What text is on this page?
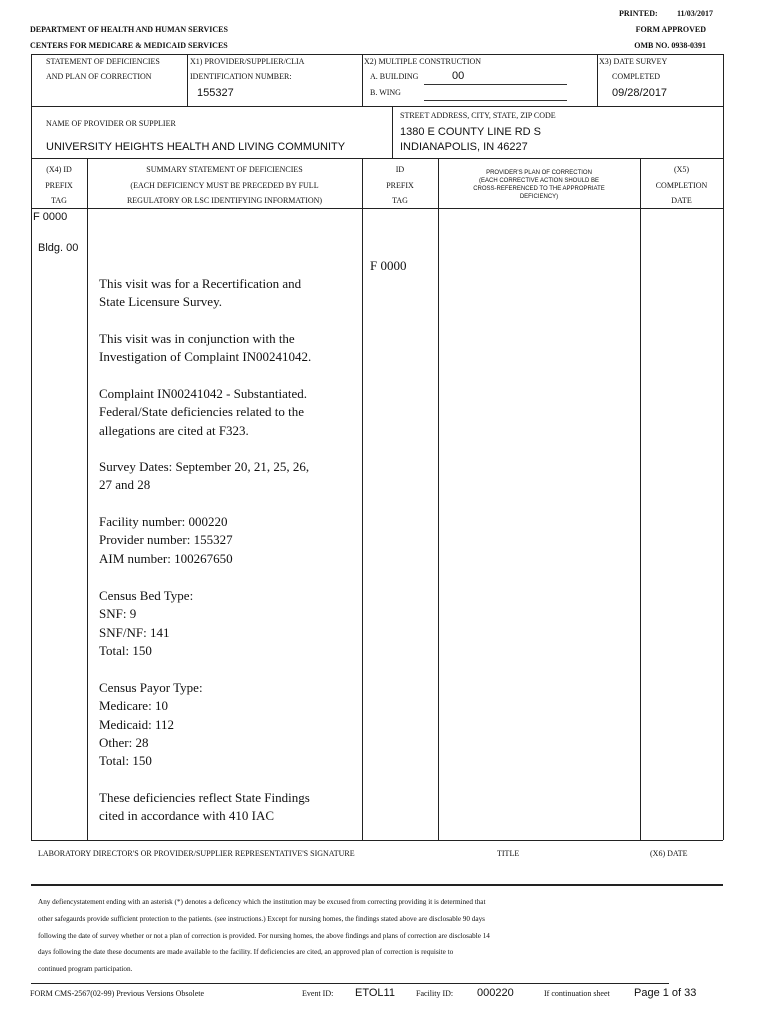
PRINTED: 11/03/2017
FORM APPROVED
OMB NO. 0938-0391
DEPARTMENT OF HEALTH AND HUMAN SERVICES
CENTERS FOR MEDICARE & MEDICAID SERVICES
STATEMENT OF DEFICIENCIES
AND PLAN OF CORRECTION
X1) PROVIDER/SUPPLIER/CLIA
IDENTIFICATION NUMBER:
155327
X2) MULTIPLE CONSTRUCTION
A. BUILDING	00
B. WING
X3) DATE SURVEY
COMPLETED
09/28/2017
NAME OF PROVIDER OR SUPPLIER
UNIVERSITY HEIGHTS HEALTH AND LIVING COMMUNITY
STREET ADDRESS, CITY, STATE, ZIP CODE
1380 E COUNTY LINE RD S
INDIANAPOLIS, IN 46227
(X4) ID
PREFIX
TAG
SUMMARY STATEMENT OF DEFICIENCIES
(EACH DEFICIENCY MUST BE PRECEDED BY FULL
REGULATORY OR LSC IDENTIFYING INFORMATION)
ID
PREFIX
TAG
PROVIDER'S PLAN OF CORRECTION
(EACH CORRECTIVE ACTION SHOULD BE
CROSS-REFERENCED TO THE APPROPRIATE
DEFICIENCY)
(X5)
COMPLETION
DATE
F 0000
Bldg. 00
F 0000
This visit was for a Recertification and
State Licensure Survey.
This visit was in conjunction with the
Investigation of Complaint IN00241042.
Complaint IN00241042 - Substantiated.
Federal/State deficiencies related to the
allegations are cited at F323.
Survey Dates: September 20, 21, 25, 26,
27 and 28
Facility number: 000220
Provider number: 155327
AIM number: 100267650
Census Bed Type:
SNF: 9
SNF/NF: 141
Total: 150
Census Payor Type:
Medicare: 10
Medicaid: 112
Other: 28
Total: 150
These deficiencies reflect State Findings
cited in accordance with 410 IAC
LABORATORY DIRECTOR'S OR PROVIDER/SUPPLIER REPRESENTATIVE'S SIGNATURE	TITLE	(X6) DATE
Any defiencystatement ending with an asterisk (*) denotes a deficency which the institution may be excused from correcting providing it is determined that
other safegaurds provide sufficient protection to the patients. (see instructions.) Except for nursing homes, the findings stated above are disclosable 90 days
following the date of survey whether or not a plan of correction is provided. For nursing homes, the above findings and plans of correction are disclosable 14
days following the date these documents are made available to the facility. If deficiencies are cited, an approved plan of correction is requisite to
continued program participation.
FORM CMS-2567(02-99) Previous Versions Obsolete	Event ID: ETOL11	Facility ID: 000220	If continuation sheet Page 1 of 33
